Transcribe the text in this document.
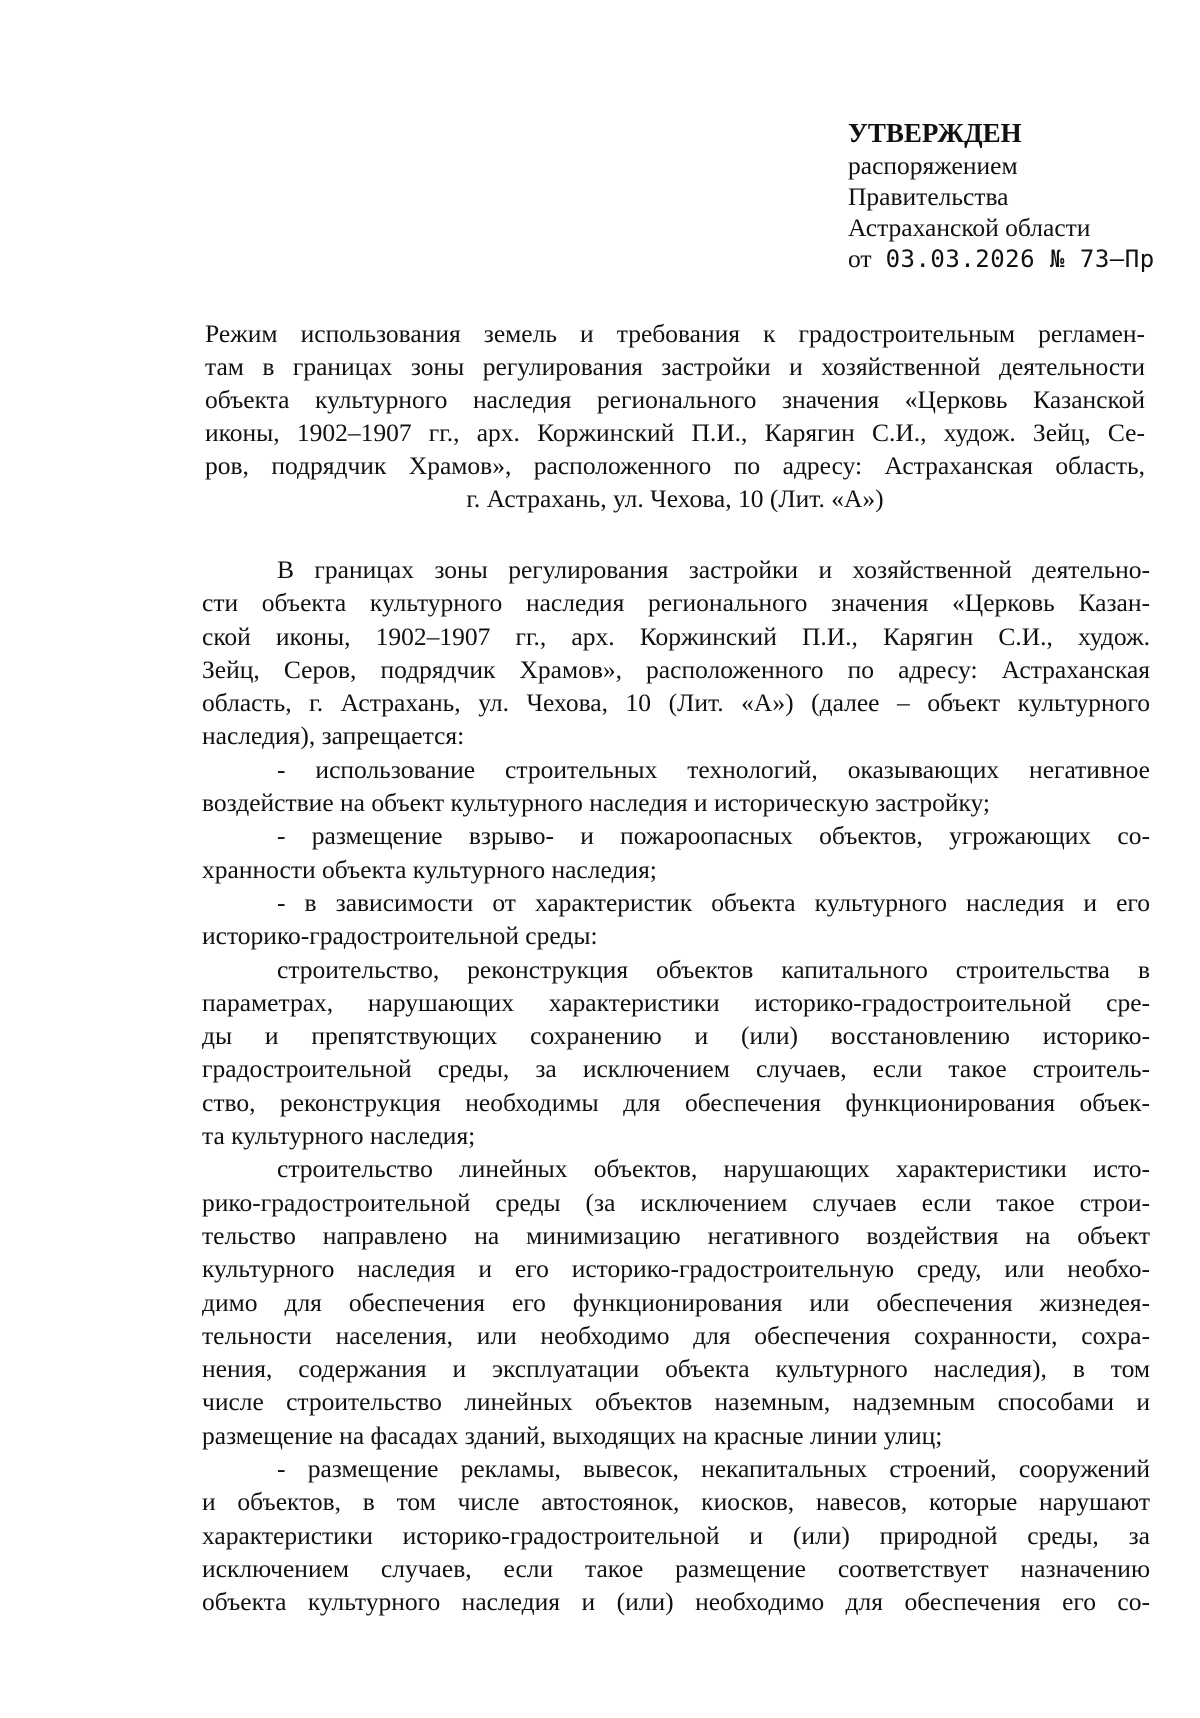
УТВЕРЖДЕН
распоряжением
Правительства
Астраханской области
от 03.03.2026 № 73–Пр
Режим использования земель и требования к градостроительным регламен-
там в границах зоны регулирования застройки и хозяйственной деятельности
объекта культурного наследия регионального значения «Церковь Казанской
иконы, 1902–1907 гг., арх. Коржинский П.И., Карягин С.И., худож. Зейц, Се-
ров, подрядчик Храмов», расположенного по адресу: Астраханская область,
г. Астрахань, ул. Чехова, 10 (Лит. «А»)
В границах зоны регулирования застройки и хозяйственной деятельно-
сти объекта культурного наследия регионального значения «Церковь Казан-
ской иконы, 1902–1907 гг., арх. Коржинский П.И., Карягин С.И., худож.
Зейц, Серов, подрядчик Храмов», расположенного по адресу: Астраханская
область, г. Астрахань, ул. Чехова, 10 (Лит. «А») (далее – объект культурного
наследия), запрещается:
- использование строительных технологий, оказывающих негативное
воздействие на объект культурного наследия и историческую застройку;
- размещение взрыво- и пожароопасных объектов, угрожающих со-
хранности объекта культурного наследия;
- в зависимости от характеристик объекта культурного наследия и его
историко-градостроительной среды:
строительство, реконструкция объектов капитального строительства в
параметрах, нарушающих характеристики историко-градостроительной сре-
ды и препятствующих сохранению и (или) восстановлению историко-
градостроительной среды, за исключением случаев, если такое строитель-
ство, реконструкция необходимы для обеспечения функционирования объек-
та культурного наследия;
строительство линейных объектов, нарушающих характеристики исто-
рико-градостроительной среды (за исключением случаев если такое строи-
тельство направлено на минимизацию негативного воздействия на объект
культурного наследия и его историко-градостроительную среду, или необхо-
димо для обеспечения его функционирования или обеспечения жизнедея-
тельности населения, или необходимо для обеспечения сохранности, сохра-
нения, содержания и эксплуатации объекта культурного наследия), в том
числе строительство линейных объектов наземным, надземным способами и
размещение на фасадах зданий, выходящих на красные линии улиц;
- размещение рекламы, вывесок, некапитальных строений, сооружений
и объектов, в том числе автостоянок, киосков, навесов, которые нарушают
характеристики историко-градостроительной и (или) природной среды, за
исключением случаев, если такое размещение соответствует назначению
объекта культурного наследия и (или) необходимо для обеспечения его со-
